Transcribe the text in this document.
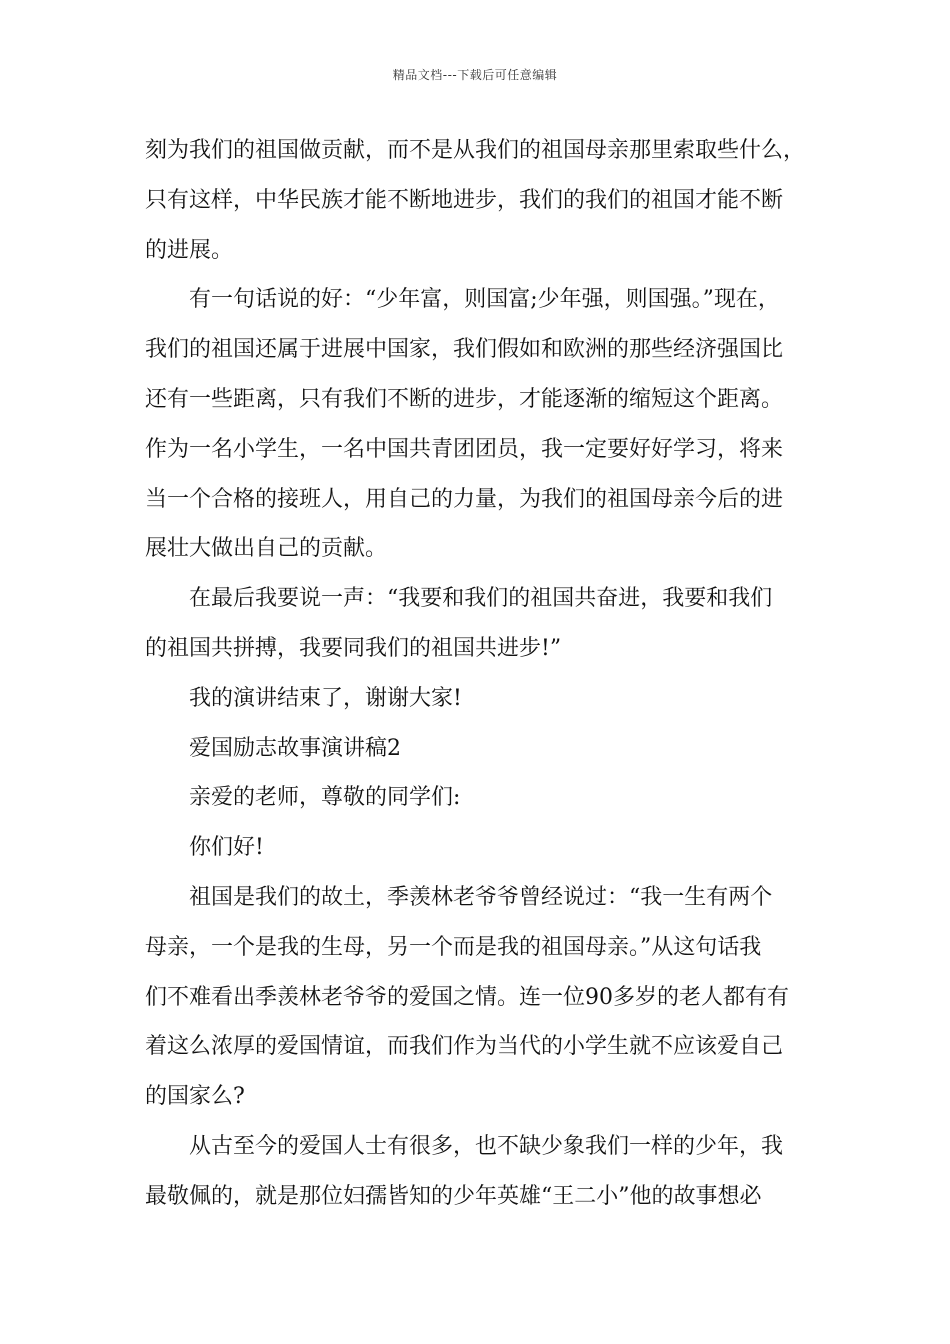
精品文档---下载后可任意编辑
刻为我们的祖国做贡献，而不是从我们的祖国母亲那里索取些什么，
只有这样，中华民族才能不断地进步，我们的我们的祖国才能不断
的进展。
有一句话说的好：“少年富，则国富;少年强，则国强。”现在，
我们的祖国还属于进展中国家，我们假如和欧洲的那些经济强国比
还有一些距离，只有我们不断的进步，才能逐渐的缩短这个距离。
作为一名小学生，一名中国共青团团员，我一定要好好学习，将来
当一个合格的接班人，用自己的力量，为我们的祖国母亲今后的进
展壮大做出自己的贡献。
在最后我要说一声：“我要和我们的祖国共奋进，我要和我们
的祖国共拼搏，我要同我们的祖国共进步!”
我的演讲结束了，谢谢大家!
爱国励志故事演讲稿2
亲爱的老师，尊敬的同学们:
你们好!
祖国是我们的故土，季羡林老爷爷曾经说过：“我一生有两个
母亲，一个是我的生母，另一个而是我的祖国母亲。”从这句话我
们不难看出季羡林老爷爷的爱国之情。连一位90多岁的老人都有有
着这么浓厚的爱国情谊，而我们作为当代的小学生就不应该爱自己
的国家么?
从古至今的爱国人士有很多，也不缺少象我们一样的少年，我
最敬佩的，就是那位妇孺皆知的少年英雄“王二小”他的故事想必
